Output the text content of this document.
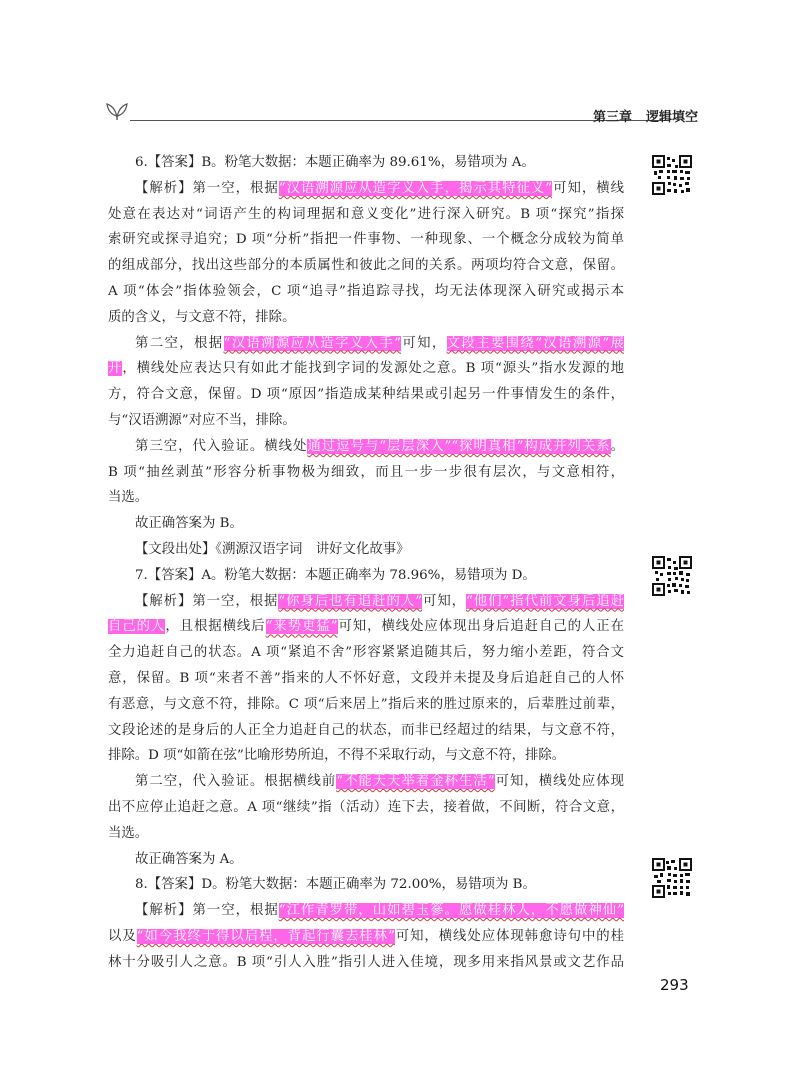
第三章 逻辑填空
6.【答案】B。粉笔大数据：本题正确率为 89.61%，易错项为 A。
【解析】第一空，根据“汉语溯源应从造字义入手，揭示其特征义”可知，横线
处意在表达对“词语产生的构词理据和意义变化”进行深入研究。B 项“探究”指探
索研究或探寻追究；D 项“分析”指把一件事物、一种现象、一个概念分成较为简单
的组成部分，找出这些部分的本质属性和彼此之间的关系。两项均符合文意，保留。
A 项“体会”指体验领会，C 项“追寻”指追踪寻找，均无法体现深入研究或揭示本
质的含义，与文意不符，排除。
第二空，根据“汉语溯源应从造字义入手”可知，文段主要围绕“汉语溯源”展
开，横线处应表达只有如此才能找到字词的发源处之意。B 项“源头”指水发源的地
方，符合文意，保留。D 项“原因”指造成某种结果或引起另一件事情发生的条件，
与“汉语溯源”对应不当，排除。
第三空，代入验证。横线处通过逗号与“层层深入”“探明真相”构成并列关系。
B 项“抽丝剥茧”形容分析事物极为细致，而且一步一步很有层次，与文意相符，
当选。
故正确答案为 B。
【文段出处】《溯源汉语字词　讲好文化故事》
7.【答案】A。粉笔大数据：本题正确率为 78.96%，易错项为 D。
【解析】第一空，根据“你身后也有追赶的人”可知，“他们”指代前文身后追赶
自己的人，且根据横线后“来势更猛”可知，横线处应体现出身后追赶自己的人正在
全力追赶自己的状态。A 项“紧追不舍”形容紧紧追随其后，努力缩小差距，符合文
意，保留。B 项“来者不善”指来的人不怀好意，文段并未提及身后追赶自己的人怀
有恶意，与文意不符，排除。C 项“后来居上”指后来的胜过原来的，后辈胜过前辈，
文段论述的是身后的人正全力追赶自己的状态，而非已经超过的结果，与文意不符，
排除。D 项“如箭在弦”比喻形势所迫，不得不采取行动，与文意不符，排除。
第二空，代入验证。根据横线前“不能天天举着金杯生活”可知，横线处应体现
出不应停止追赶之意。A 项“继续”指（活动）连下去，接着做，不间断，符合文意，
当选。
故正确答案为 A。
8.【答案】D。粉笔大数据：本题正确率为 72.00%，易错项为 B。
【解析】第一空，根据“江作青罗带，山如碧玉篸。愿做桂林人，不愿做神仙”
以及“如今我终于得以启程，背起行囊去桂林”可知，横线处应体现韩愈诗句中的桂
林十分吸引人之意。B 项“引人入胜”指引人进入佳境，现多用来指风景或文艺作品
293
